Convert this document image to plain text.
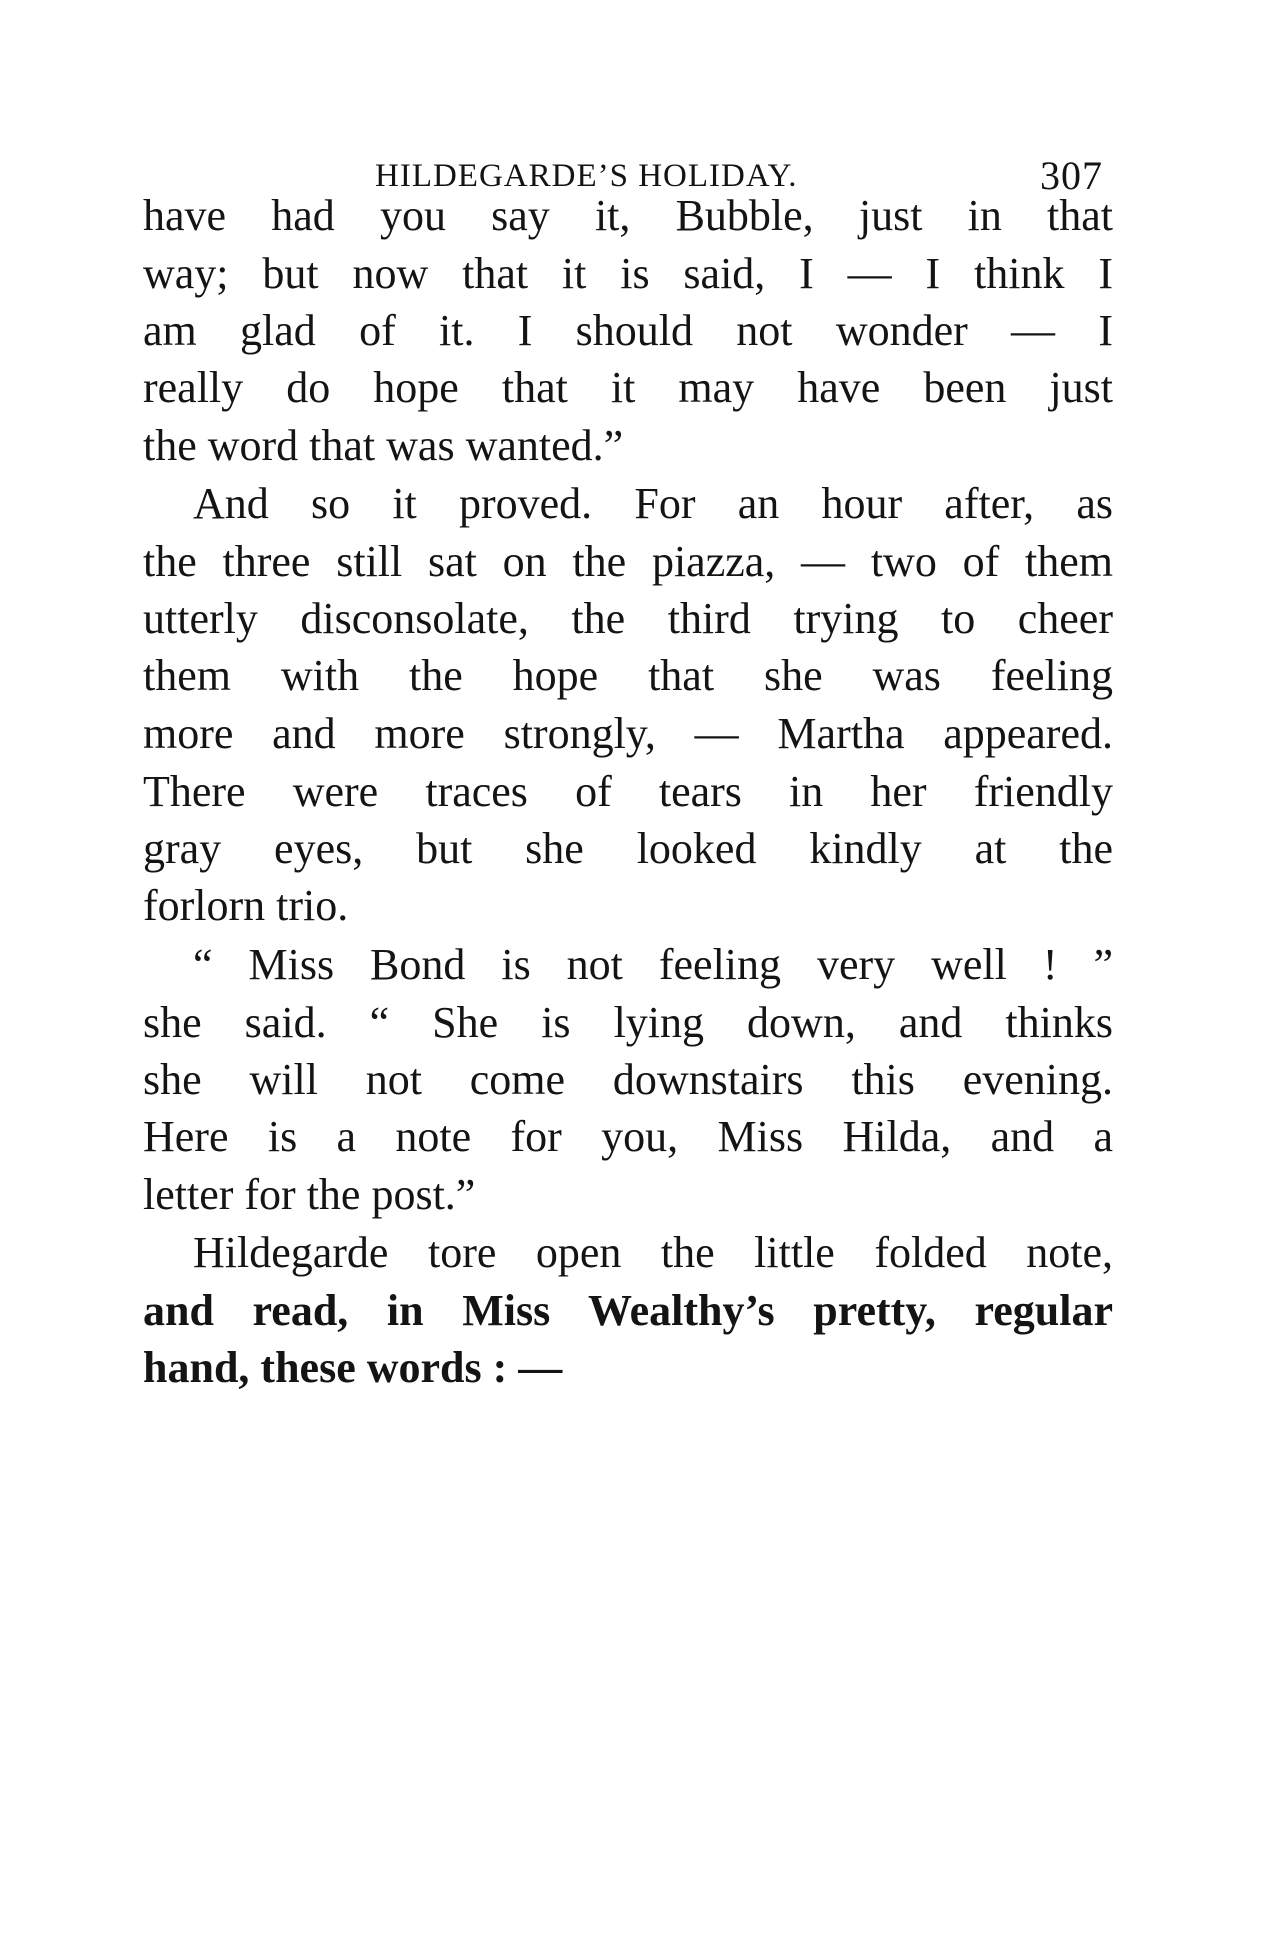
HILDEGARDE’S HOLIDAY.	307
have had you say it, Bubble, just in that
way; but now that it is said, I — I think I
am glad of it. I should not wonder — I
really do hope that it may have been just
the word that was wanted.”
And so it proved. For an hour after, as
the three still sat on the piazza, — two of them
utterly disconsolate, the third trying to cheer
them with the hope that she was feeling
more and more strongly, — Martha appeared.
There were traces of tears in her friendly
gray eyes, but she looked kindly at the
forlorn trio.
“ Miss Bond is not feeling very well ! ”
she said. “ She is lying down, and thinks
she will not come downstairs this evening.
Here is a note for you, Miss Hilda, and a
letter for the post.”
Hildegarde tore open the little folded note,
and read, in Miss Wealthy’s pretty, regular
hand, these words : —
